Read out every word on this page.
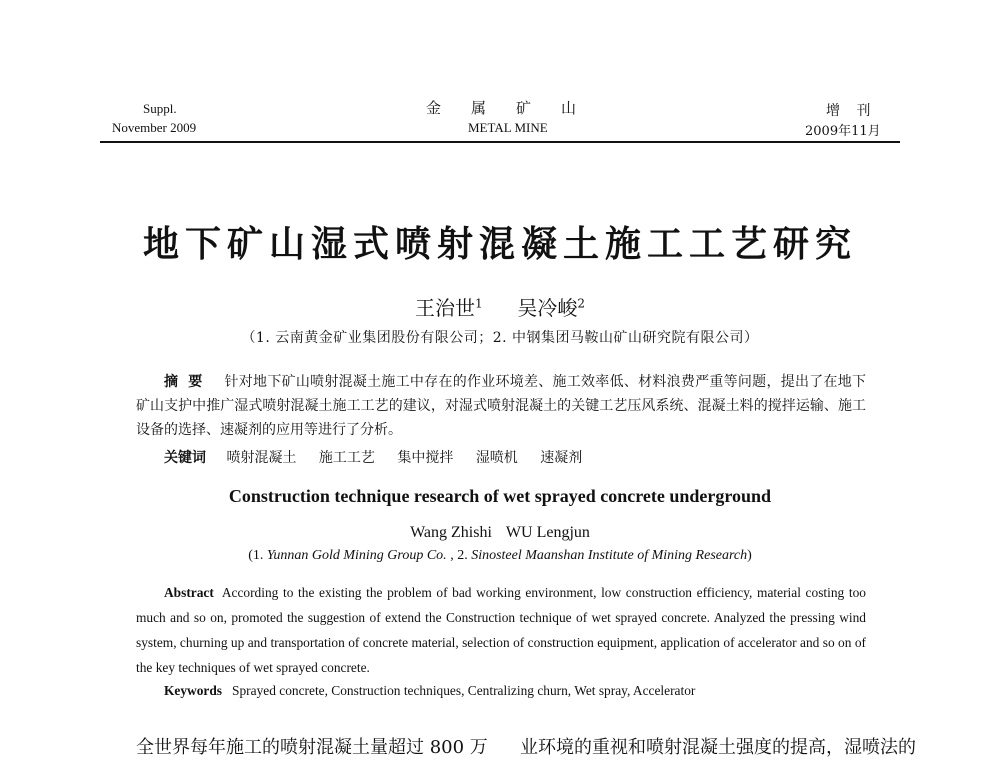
Suppl.
November 2009
金属矿山
METAL MINE
增 刊
2009年11月
地下矿山湿式喷射混凝土施工工艺研究
王治世$^1$ 吴冷峻$^2$
（1. 云南黄金矿业集团股份有限公司；2. 中钢集团马鞍山矿山研究院有限公司）
摘要 针对地下矿山喷射混凝土施工中存在的作业环境差、施工效率低、材料浪费严重等问题，提出了在地下矿山支护中推广湿式喷射混凝土施工工艺的建议，对湿式喷射混凝土的关键工艺压风系统、混凝土料的搅拌运输、施工设备的选择、速凝剂的应用等进行了分析。
关键词 喷射混凝土 施工工艺 集中搅拌 湿喷机 速凝剂
Construction technique research of wet sprayed concrete underground
Wang Zhishi WU Lengjun
(1. Yunnan Gold Mining Group Co. , 2. Sinosteel Maanshan Institute of Mining Research)
Abstract According to the existing the problem of bad working environment, low construction efficiency, material costing too much and so on, promoted the suggestion of extend the Construction technique of wet sprayed concrete. Analyzed the pressing wind system, churning up and transportation of concrete material, selection of construction equipment, application of accelerator and so on of the key techniques of wet sprayed concrete.
Keywords Sprayed concrete, Construction techniques, Centralizing churn, Wet spray, Accelerator
全世界每年施工的喷射混凝土量超过 800 万 业环境的重视和喷射混凝土强度的提高，湿喷法的
